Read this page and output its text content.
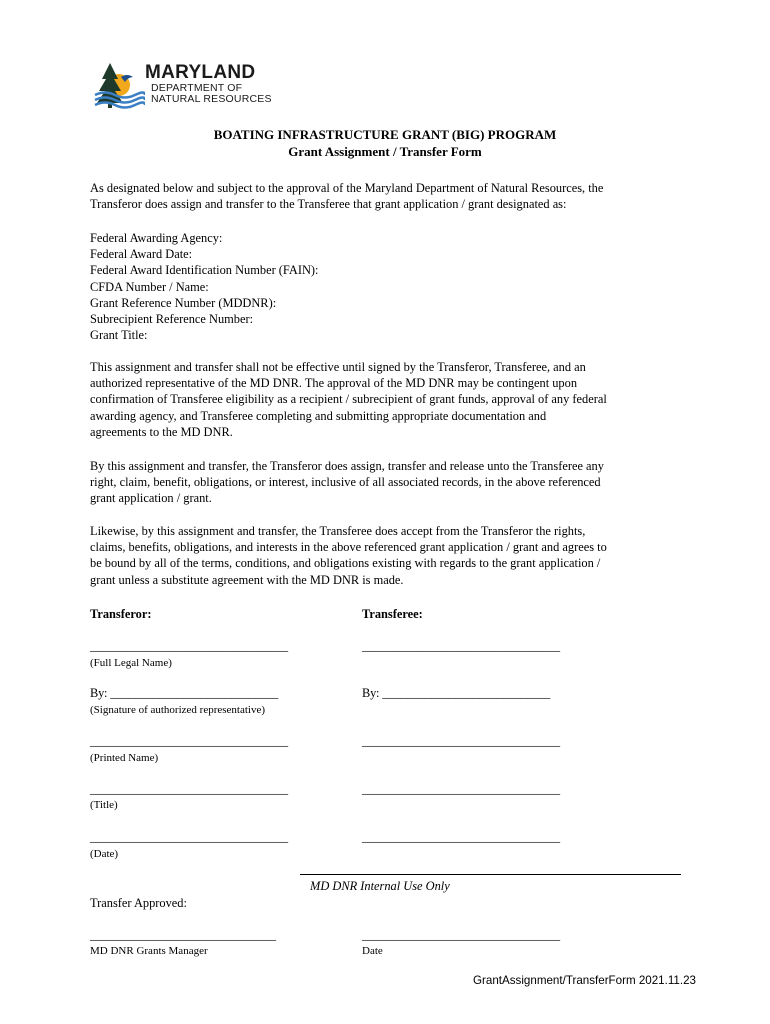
MARYLAND
DEPARTMENT OF
NATURAL RESOURCES
BOATING INFRASTRUCTURE GRANT (BIG) PROGRAM
Grant Assignment / Transfer Form
As designated below and subject to the approval of the Maryland Department of Natural Resources, the
Transferor does assign and transfer to the Transferee that grant application / grant designated as:
Federal Awarding Agency:
Federal Award Date:
Federal Award Identification Number (FAIN):
CFDA Number / Name:
Grant Reference Number (MDDNR):
Subrecipient Reference Number:
Grant Title:
This assignment and transfer shall not be effective until signed by the Transferor, Transferee, and an
authorized representative of the MD DNR. The approval of the MD DNR may be contingent upon
confirmation of Transferee eligibility as a recipient / subrecipient of grant funds, approval of any federal
awarding agency, and Transferee completing and submitting appropriate documentation and
agreements to the MD DNR.
By this assignment and transfer, the Transferor does assign, transfer and release unto the Transferee any
right, claim, benefit, obligations, or interest, inclusive of all associated records, in the above referenced
grant application / grant.
Likewise, by this assignment and transfer, the Transferee does accept from the Transferor the rights,
claims, benefits, obligations, and interests in the above referenced grant application / grant and agrees to
be bound by all of the terms, conditions, and obligations existing with regards to the grant application /
grant unless a substitute agreement with the MD DNR is made.
Transferor:	Transferee:
_________________________________	_________________________________
(Full Legal Name)
By: ____________________________	By: ____________________________
(Signature of authorized representative)
_________________________________	_________________________________
(Printed Name)
_________________________________	_________________________________
(Title)
_________________________________	_________________________________
(Date)
MD DNR Internal Use Only
Transfer Approved:
_______________________________	_________________________________
MD DNR Grants Manager	Date
GrantAssignment/TransferForm 2021.11.23
